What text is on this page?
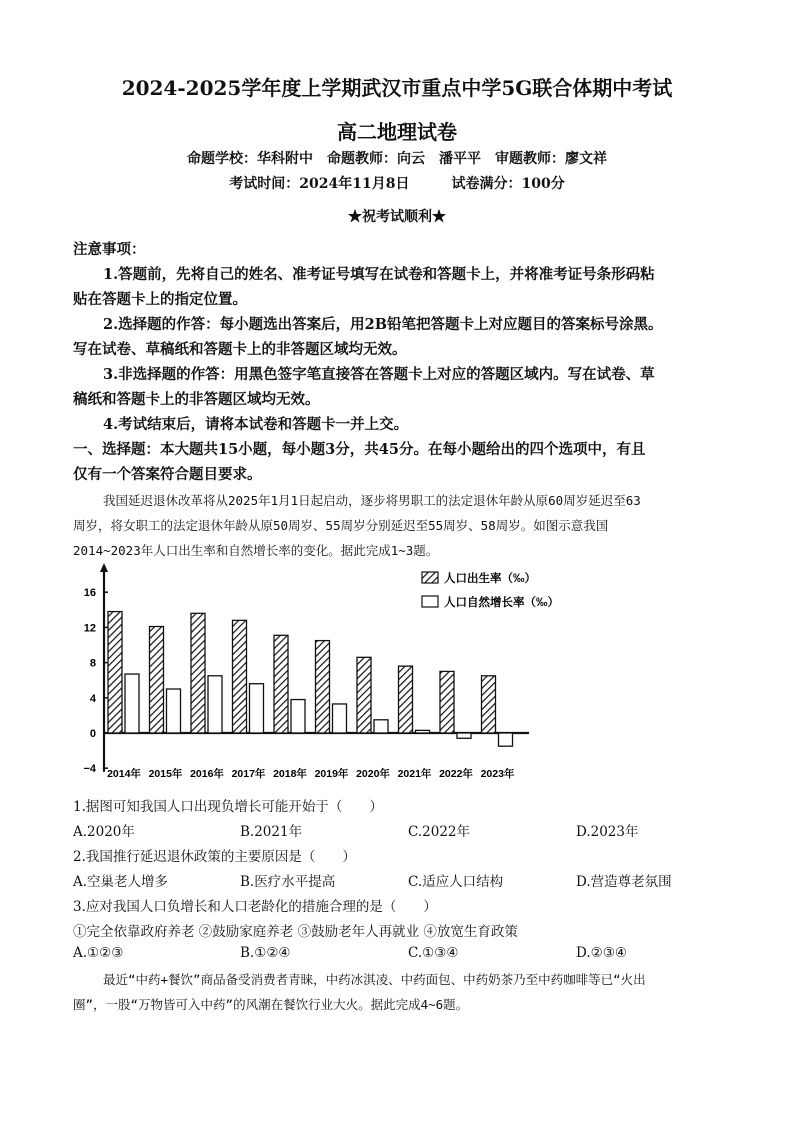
2024-2025学年度上学期武汉市重点中学5G联合体期中考试
高二地理试卷
命题学校：华科附中　命题教师：向云　潘平平　审题教师：廖文祥
考试时间：2024年11月8日　　　试卷满分：100分
★祝考试顺利★
注意事项：
1.答题前，先将自己的姓名、准考证号填写在试卷和答题卡上，并将准考证号条形码粘
贴在答题卡上的指定位置。
2.选择题的作答：每小题选出答案后，用2B铅笔把答题卡上对应题目的答案标号涂黑。
写在试卷、草稿纸和答题卡上的非答题区域均无效。
3.非选择题的作答：用黑色签字笔直接答在答题卡上对应的答题区域内。写在试卷、草
稿纸和答题卡上的非答题区域均无效。
4.考试结束后，请将本试卷和答题卡一并上交。
一、选择题：本大题共15小题，每小题3分，共45分。在每小题给出的四个选项中，有且
仅有一个答案符合题目要求。
我国延迟退休改革将从2025年1月1日起启动，逐步将男职工的法定退休年龄从原60周岁延迟至63
周岁，将女职工的法定退休年龄从原50周岁、55周岁分别延迟至55周岁、58周岁。如图示意我国
2014~2023年人口出生率和自然增长率的变化。据此完成1~3题。
16
12
8
4
0
−4 2014年 2015年 2016年 2017年 2018年 2019年 2020年 2021年 2022年 2023年
人口出生率（‰）
人口自然增长率（‰）
1.据图可知我国人口出现负增长可能开始于（　　）
A.2020年	B.2021年	C.2022年	D.2023年
2.我国推行延迟退休政策的主要原因是（　　）
A.空巢老人增多	B.医疗水平提高	C.适应人口结构	D.营造尊老氛围
3.应对我国人口负增长和人口老龄化的措施合理的是（　　）
①完全依靠政府养老 ②鼓励家庭养老 ③鼓励老年人再就业 ④放宽生育政策
A.①②③	B.①②④	C.①③④	D.②③④
最近“中药+餐饮”商品备受消费者青睐，中药冰淇凌、中药面包、中药奶茶乃至中药咖啡等已“火出
圈”，一股“万物皆可入中药”的风潮在餐饮行业大火。据此完成4~6题。
